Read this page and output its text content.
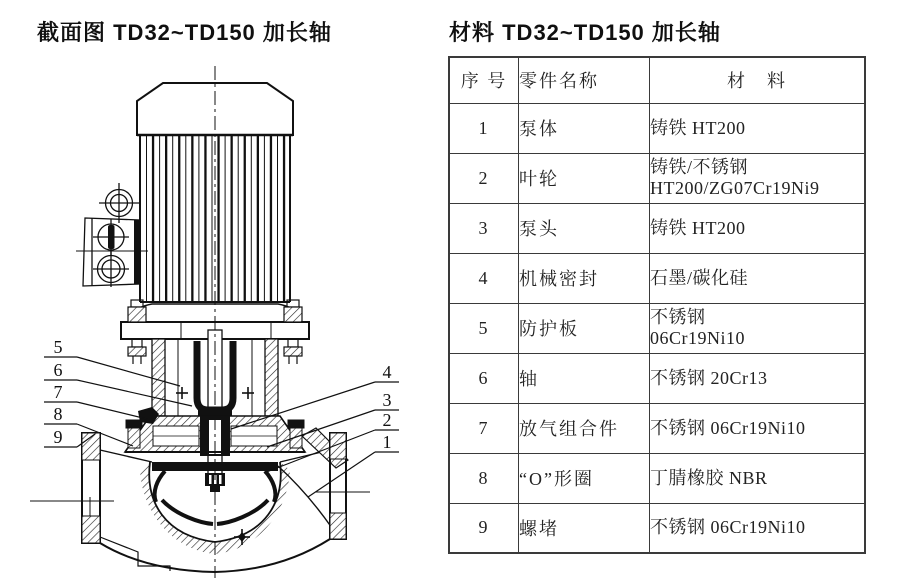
截面图 TD32~TD150 加长轴	材料 TD32~TD150 加长轴
5
6
7
8
9
4
3
2
1
序 号	零件名称	材　料
1	泵体	铸铁 HT200

2	叶轮	铸铁/不锈钢
HT200/ZG07Cr19Ni9

3	泵头	铸铁 HT200

4	机械密封	石墨/碳化硅

5	防护板	不锈钢
06Cr19Ni10

6	轴	不锈钢 20Cr13

7	放气组合件	不锈钢 06Cr19Ni10

8	“O”形圈	丁腈橡胶 NBR

9	螺堵	不锈钢 06Cr19Ni10
